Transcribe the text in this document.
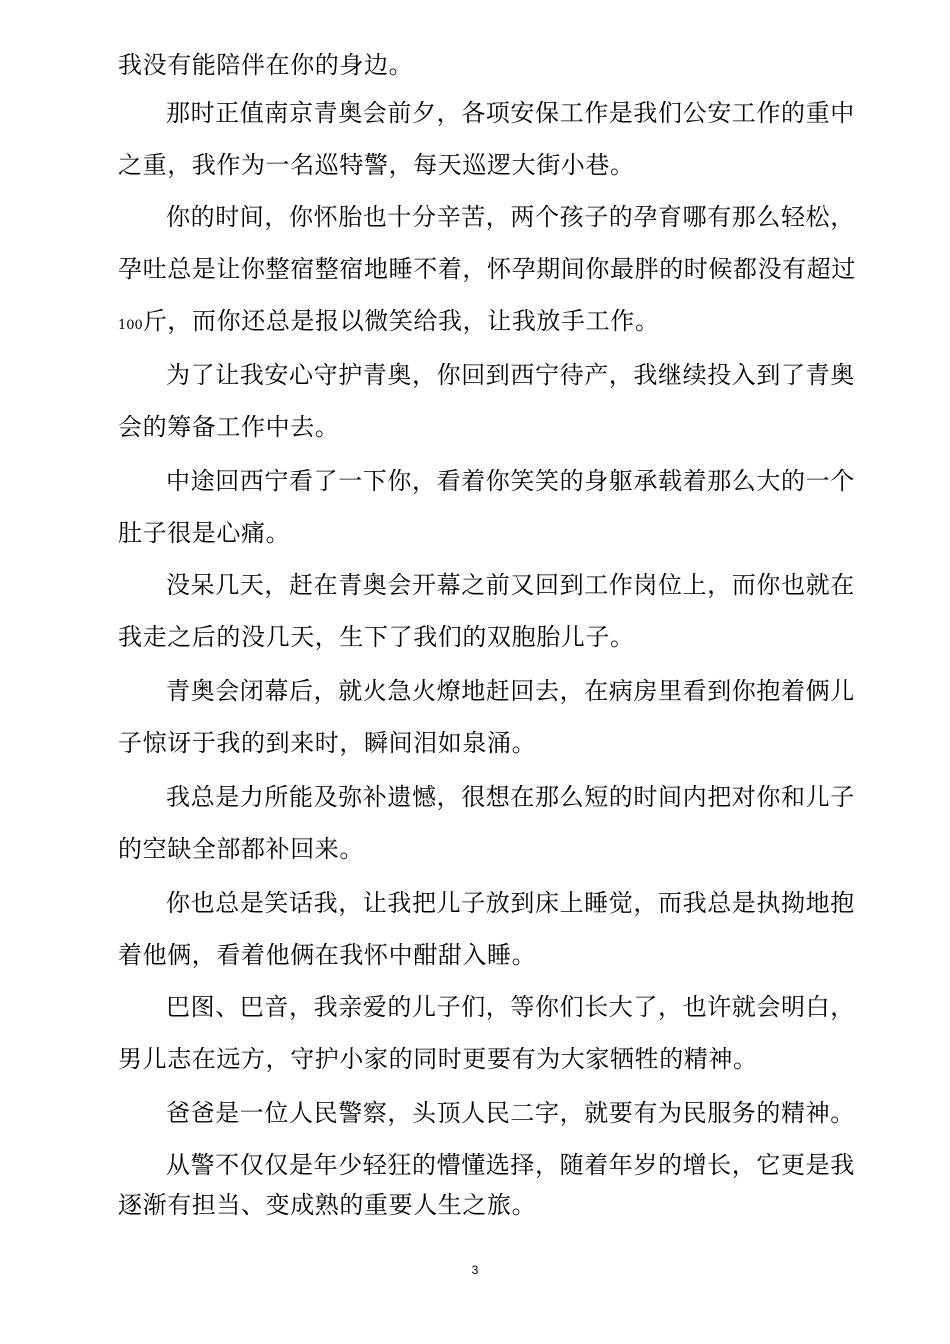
我没有能陪伴在你的身边。
那时正值南京青奥会前夕，各项安保工作是我们公安工作的重中
之重，我作为一名巡特警，每天巡逻大街小巷。
你的时间，你怀胎也十分辛苦，两个孩子的孕育哪有那么轻松，
孕吐总是让你整宿整宿地睡不着，怀孕期间你最胖的时候都没有超过
100斤，而你还总是报以微笑给我，让我放手工作。
为了让我安心守护青奥，你回到西宁待产，我继续投入到了青奥
会的筹备工作中去。
中途回西宁看了一下你，看着你笑笑的身躯承载着那么大的一个
肚子很是心痛。
没呆几天，赶在青奥会开幕之前又回到工作岗位上，而你也就在
我走之后的没几天，生下了我们的双胞胎儿子。
青奥会闭幕后，就火急火燎地赶回去，在病房里看到你抱着俩儿
子惊讶于我的到来时，瞬间泪如泉涌。
我总是力所能及弥补遗憾，很想在那么短的时间内把对你和儿子
的空缺全部都补回来。
你也总是笑话我，让我把儿子放到床上睡觉，而我总是执拗地抱
着他俩，看着他俩在我怀中酣甜入睡。
巴图、巴音，我亲爱的儿子们，等你们长大了，也许就会明白，
男儿志在远方，守护小家的同时更要有为大家牺牲的精神。
爸爸是一位人民警察，头顶人民二字，就要有为民服务的精神。
从警不仅仅是年少轻狂的懵懂选择，随着年岁的增长，它更是我
逐渐有担当、变成熟的重要人生之旅。
3
